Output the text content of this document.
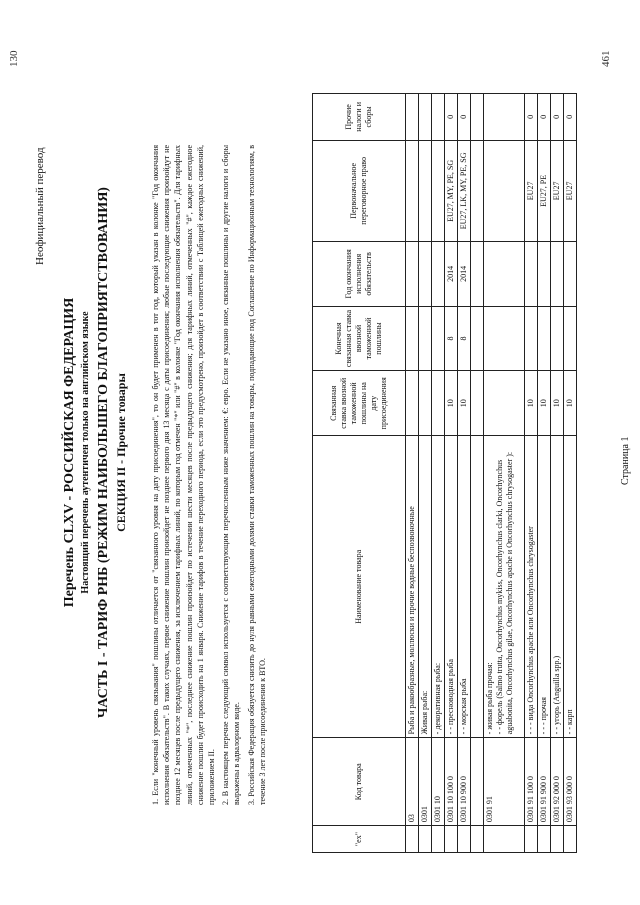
130	461
Неофициальный перевод
Перечень CLXV - РОССИЙСКАЯ ФЕДЕРАЦИЯ Настоящий перечень аутентичен только на английском языке ЧАСТЬ I - ТАРИФ РНБ (РЕЖИМ НАИБОЛЬШЕГО БЛАГОПРИЯТСТВОВАНИЯ) СЕКЦИЯ II - Прочие товары	1. Если "конечный уровень связывания" пошлины отличается от "связанного уровня на дату присоединения", то он будет применен в тот год, который указан в колонке "Год окончания исполнения обязательств". В таких случаях, первое снижение пошлин произойдет не позднее первого дня 13 месяца с даты присоединения; любые последующие снижения произойдут не позднее 12 месяцев после предыдущего снижения, за исключением тарифных линий, по которым год отмечен "*" или "#" в колонке "Год окончания исполнения обязательств". Для тарифных линий, отмеченных "*", последнее снижение пошлин произойдет по истечении шести месяцев после предыдущего снижения; для тарифных линий, отмеченных "#", каждое ежегодное снижение пошлин будет происходить на 1 января. Снижение тарифов в течение переходного периода, если это предусмотрено, произойдет в соответствии с Таблицей ежегодных снижений, приложением II. 2. В настоящем перечне следующий символ используется с соответствующим перечисленным ниже значением: €: евро. Если не указано иное, связанные пошлины и другие налоги и сборы выражены в адвалорном виде. 3. Российская Федерация обязуется снизить до нуля равными ежегодными долями ставки таможенных пошлин на товары, подпадающие под Соглашение по Информационным технологиям, в течение 3 лет после присоединения к ВТО.

"ex"	Код товара	Наименование товара	Связанная ставка ввозной таможенной пошлины на дату присоединения	Конечная связанная ставка ввозной таможенной пошлины	Год окончания исполнения обязательств	Первоначальное переговорное право	Прочие налоги и сборы
	03	Рыба и ракообразные, моллюски и прочие водные беспозвоночные					
	0301	Живая рыба:					
	0301 10	- декоративная рыба:					
	0301 10 100 0	- - пресноводная рыба	10	8	2014	EU27, MY, PE, SG	0
	0301 10 900 0	- - морская рыба	10	8	2014	EU27, LK, MY, PE, SG	0

	0301 91	- живая рыба прочая:
- - форель (Salmo trutta, Oncorhynchus mykiss, Oncorhynchus clarki, Oncorhynchus aguabonita, Oncorhynchus gilae, Oncorhynchus apache и Oncorhynchus chrysogaster ):					
	0301 91 100 0	- - - вида Oncorhynchus apache или Oncorhynchus chrysogaster	10			EU27	0
	0301 91 900 0	- - - прочая	10			EU27, PE	0
	0301 92 000 0	- - угорь (Anguilla spp.)	10			EU27	0
	0301 93 000 0	- - карп	10			EU27	0
Страница 1
